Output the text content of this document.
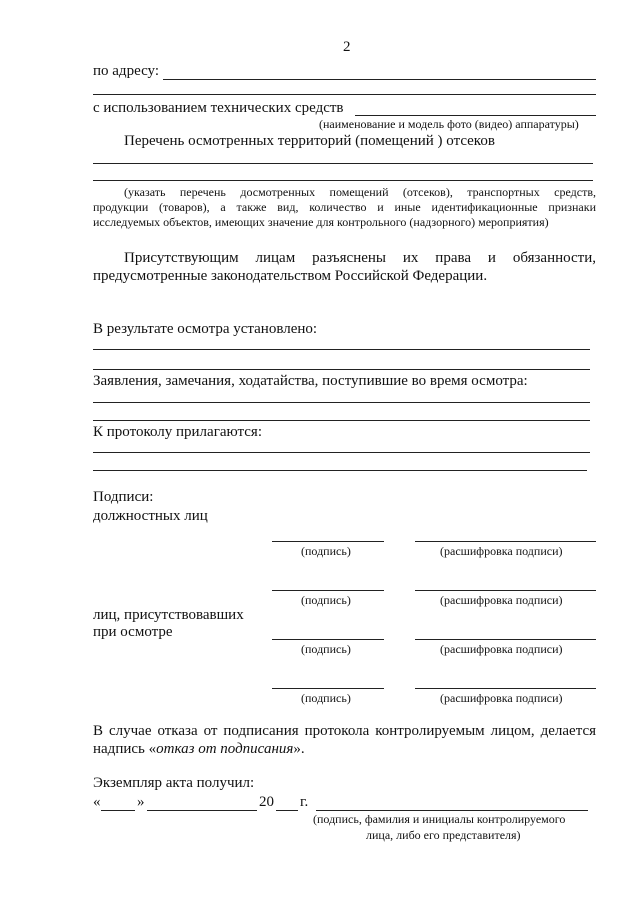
2
по адресу:
с использованием технических средств
(наименование и модель фото (видео) аппаратуры)
Перечень осмотренных территорий (помещений ) отсеков
(указать перечень досмотренных помещений (отсеков), транспортных средств,
продукции (товаров), а также вид, количество и иные идентификационные признаки
исследуемых объектов, имеющих значение для контрольного (надзорного) мероприятия)
Присутствующим лицам разъяснены их права и обязанности,
предусмотренные законодательством Российской Федерации.
В результате осмотра установлено:
Заявления, замечания, ходатайства, поступившие во время осмотра:
К протоколу прилагаются:
Подписи:
должностных лиц
(подпись)	(расшифровка подписи)
(подпись)	(расшифровка подписи)
лиц, присутствовавших
при осмотре
(подпись)	(расшифровка подписи)
(подпись)	(расшифровка подписи)
В случае отказа от подписания протокола контролируемым лицом, делается
надпись «отказ от подписания».
Экземпляр акта получил:
« »	20 г.
(подпись, фамилия и инициалы контролируемого
лица, либо его представителя)
